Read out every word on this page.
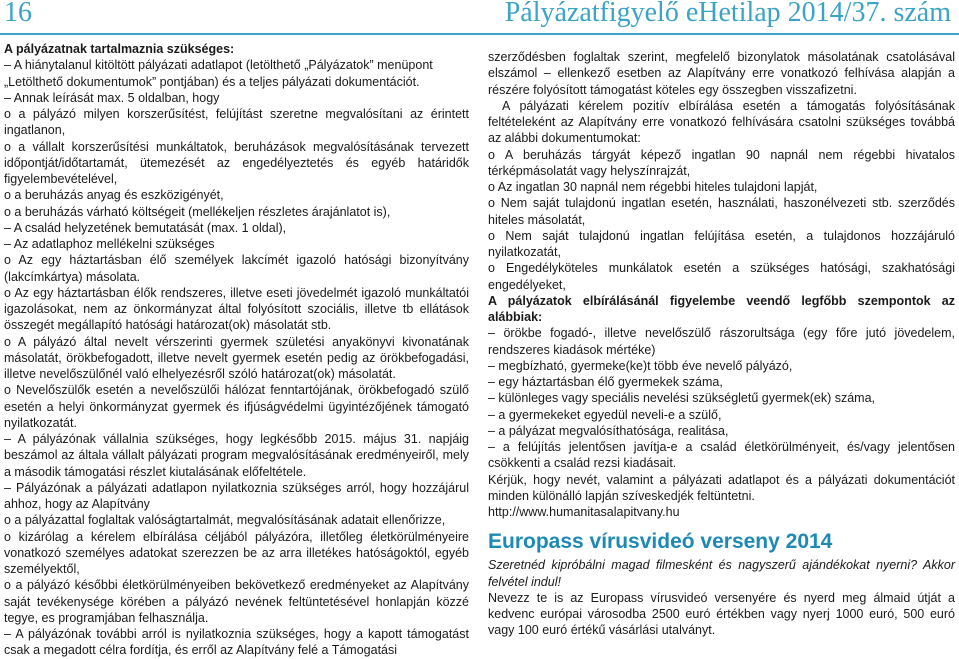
16	Pályázatfigyelő eHetilap 2014/37. szám

A pályázatnak tartalmaznia szükséges:

– A hiánytalanul kitöltött pályázati adatlapot (letölthető „Pályázatok” menüpont

„Letölthető dokumentumok” pontjában) és a teljes pályázati dokumentációt.

– Annak leírását max. 5 oldalban, hogy

o a pályázó milyen korszerűsítést, felújítást szeretne megvalósítani az érintett ingatlanon,

o a vállalt korszerűsítési munkáltatok, beruházások megvalósításának tervezett időpontját/időtartamát, ütemezését az engedélyeztetés és egyéb határidők figyelembevételével,

o a beruházás anyag és eszközigényét,

o a beruházás várható költségeit (mellékeljen részletes árajánlatot is),

– A család helyzetének bemutatását (max. 1 oldal),

– Az adatlaphoz mellékelni szükséges

o Az egy háztartásban élő személyek lakcímét igazoló hatósági bizonyítvány (lakcímkártya) másolata.

o Az egy háztartásban élők rendszeres, illetve eseti jövedelmét igazoló munkáltatói igazolásokat, nem az önkormányzat által folyósított szociális, illetve tb ellátások összegét megállapító hatósági határozat(ok) másolatát stb.

o A pályázó által nevelt vérszerinti gyermek születési anyakönyvi kivonatának másolatát, örökbefogadott, illetve nevelt gyermek esetén pedig az örökbefogadási, illetve nevelőszülőnél való elhelyezésről szóló határozat(ok) másolatát.

o Nevelőszülők esetén a nevelőszülői hálózat fenntartójának, örökbefogadó szülő esetén a helyi önkormányzat gyermek és ifjúságvédelmi ügyintézőjének támogató nyilatkozatát.

– A pályázónak vállalnia szükséges, hogy legkésőbb 2015. május 31. napjáig beszámol az általa vállalt pályázati program megvalósításának eredményeiről, mely a második támogatási részlet kiutalásának előfeltétele.

– Pályázónak a pályázati adatlapon nyilatkoznia szükséges arról, hogy hozzájárul ahhoz, hogy az Alapítvány

o a pályázattal foglaltak valóságtartalmát, megvalósításának adatait ellenőrizze,

o kizárólag a kérelem elbírálása céljából pályázóra, illetőleg életkörülményeire vonatkozó személyes adatokat szerezzen be az arra illetékes hatóságoktól, egyéb személyektől,

o a pályázó későbbi életkörülményeiben bekövetkező eredményeket az Alapítvány saját tevékenysége körében a pályázó nevének feltüntetésével honlapján közzé tegye, es programjában felhasználja.

– A pályázónak további arról is nyilatkoznia szükséges, hogy a kapott támogatást csak a megadott célra fordítja, és erről az Alapítvány felé a Támogatási

szerződésben foglaltak szerint, megfelelő bizonylatok másolatának csatolásával elszámol – ellenkező esetben az Alapítvány erre vonatkozó felhívása alapján a részére folyósított támogatást köteles egy összegben visszafizetni.

A pályázati kérelem pozitív elbírálása esetén a támogatás folyósításának feltételeként az Alapítvány erre vonatkozó felhívására csatolni szükséges továbbá az alábbi dokumentumokat:

o A beruházás tárgyát képező ingatlan 90 napnál nem régebbi hivatalos térképmásolatát vagy helyszínrajzát,

o Az ingatlan 30 napnál nem régebbi hiteles tulajdoni lapját,

o Nem saját tulajdonú ingatlan esetén, használati, haszonélvezeti stb. szerződés hiteles másolatát,

o Nem saját tulajdonú ingatlan felújítása esetén, a tulajdonos hozzájáruló nyilatkozatát,

o Engedélyköteles munkálatok esetén a szükséges hatósági, szakhatósági engedélyeket,

A pályázatok elbírálásánál figyelembe veendő legfőbb szempontok az alábbiak:

– örökbe fogadó-, illetve nevelőszülő rászorultsága (egy főre jutó jövedelem, rendszeres kiadások mértéke)

– megbízható, gyermeke(ke)t több éve nevelő pályázó,

– egy háztartásban élő gyermekek száma,

– különleges vagy speciális nevelési szükségletű gyermek(ek) száma,

– a gyermekeket egyedül neveli-e a szülő,

– a pályázat megvalósíthatósága, realitása,

– a felújítás jelentősen javítja-e a család életkörülményeit, és/vagy jelentősen csökkenti a család rezsi kiadásait.

Kérjük, hogy nevét, valamint a pályázati adatlapot és a pályázati dokumentációt minden különálló lapján szíveskedjék feltüntetni.

http://www.humanitasalapitvany.hu

Europass vírusvideó verseny 2014

Szeretnéd kipróbálni magad filmesként és nagyszerű ajándékokat nyerni? Akkor felvétel indul!

Nevezz te is az Europass vírusvideó versenyére és nyerd meg álmaid útját a kedvenc európai városodba 2500 euró értékben vagy nyerj 1000 euró, 500 euró vagy 100 euró értékű vásárlási utalványt.
